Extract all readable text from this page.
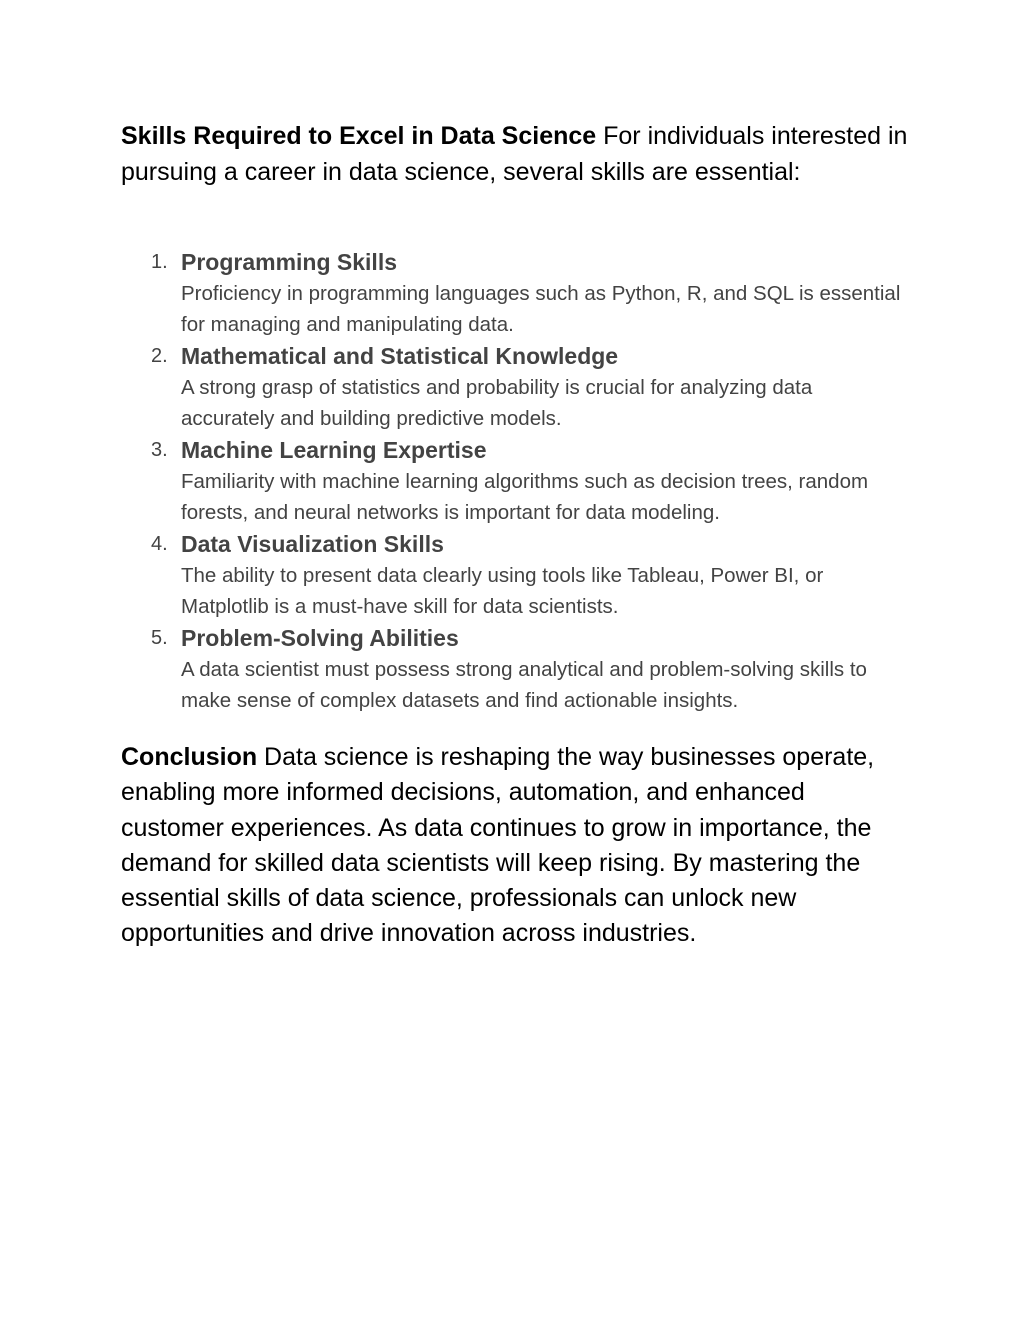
Skills Required to Excel in Data Science For individuals interested in pursuing a career in data science, several skills are essential:

1. Programming Skills
Proficiency in programming languages such as Python, R, and SQL is essential for managing and manipulating data.
2. Mathematical and Statistical Knowledge
A strong grasp of statistics and probability is crucial for analyzing data accurately and building predictive models.
3. Machine Learning Expertise
Familiarity with machine learning algorithms such as decision trees, random forests, and neural networks is important for data modeling.
4. Data Visualization Skills
The ability to present data clearly using tools like Tableau, Power BI, or Matplotlib is a must-have skill for data scientists.
5. Problem-Solving Abilities
A data scientist must possess strong analytical and problem-solving skills to make sense of complex datasets and find actionable insights.

Conclusion Data science is reshaping the way businesses operate, enabling more informed decisions, automation, and enhanced customer experiences. As data continues to grow in importance, the demand for skilled data scientists will keep rising. By mastering the essential skills of data science, professionals can unlock new opportunities and drive innovation across industries.
